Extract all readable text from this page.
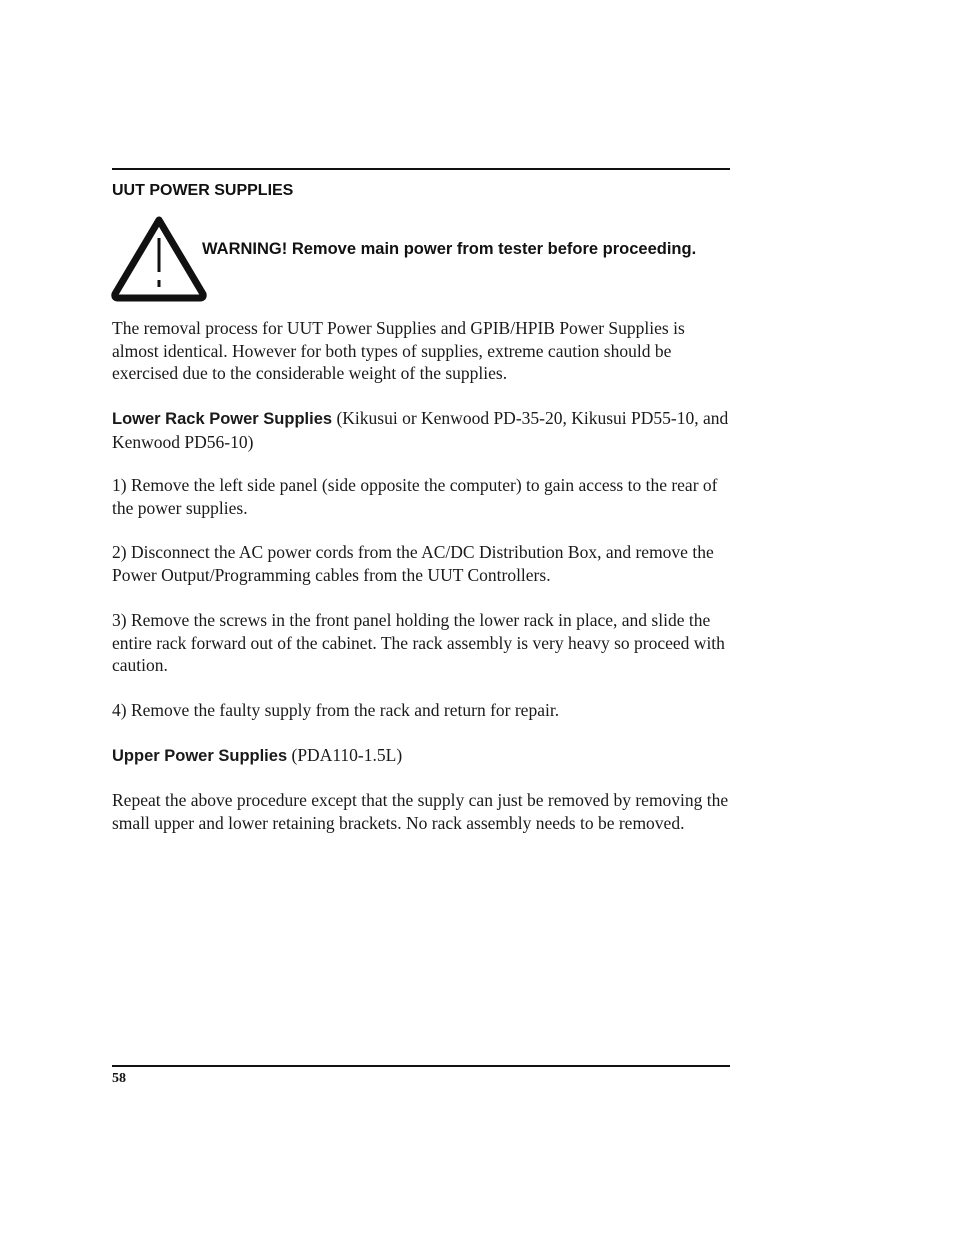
UUT POWER SUPPLIES
WARNING! Remove main power from tester before proceeding.

The removal process for UUT Power Supplies and GPIB/HPIB Power Supplies is almost identical. However for both types of supplies, extreme caution should be exercised due to the considerable weight of the supplies.

Lower Rack Power Supplies (Kikusui or Kenwood PD-35-20, Kikusui PD55-10, and Kenwood PD56-10)

1) Remove the left side panel (side opposite the computer) to gain access to the rear of the power supplies.

2) Disconnect the AC power cords from the AC/DC Distribution Box, and remove the Power Output/Programming cables from the UUT Controllers.

3) Remove the screws in the front panel holding the lower rack in place, and slide the entire rack forward out of the cabinet. The rack assembly is very heavy so proceed with caution.

4) Remove the faulty supply from the rack and return for repair.

Upper Power Supplies (PDA110-1.5L)

Repeat the above procedure except that the supply can just be removed by removing the small upper and lower retaining brackets. No rack assembly needs to be removed.

58
